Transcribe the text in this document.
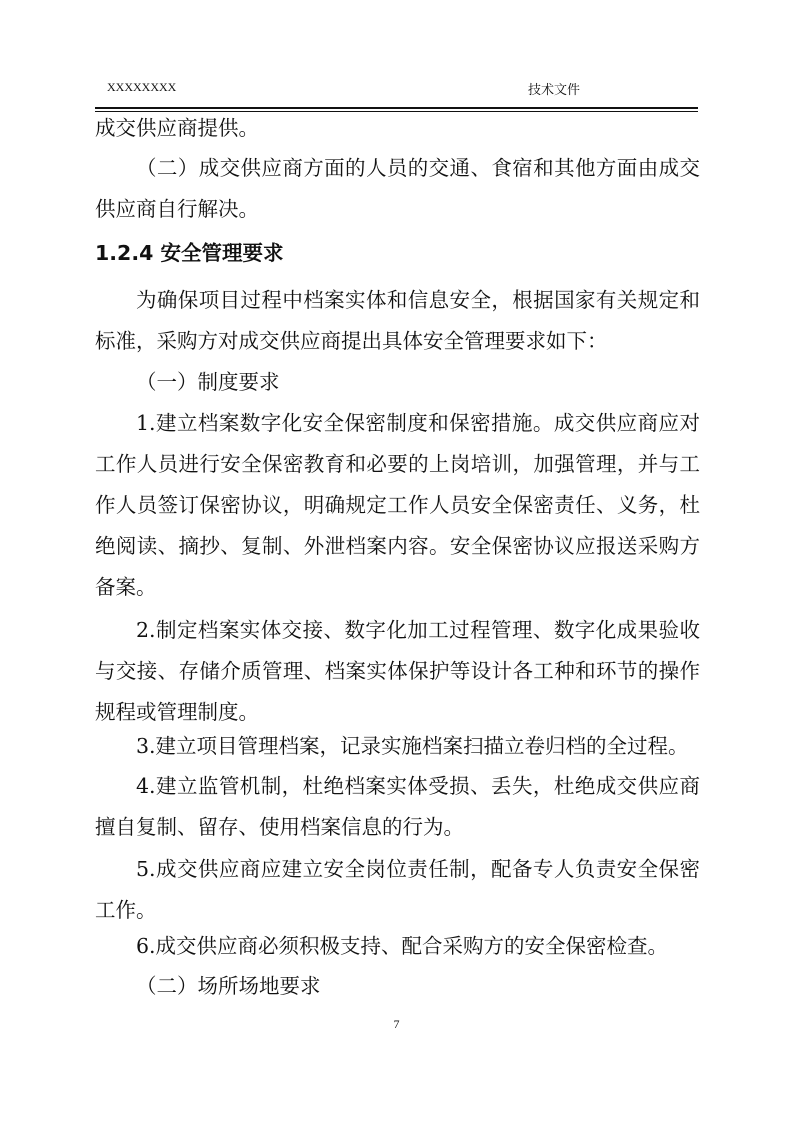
XXXXXXXX	技术文件
成交供应商提供。
（二）成交供应商方面的人员的交通、食宿和其他方面由成交
供应商自行解决。
1.2.4 安全管理要求
为确保项目过程中档案实体和信息安全，根据国家有关规定和
标准，采购方对成交供应商提出具体安全管理要求如下：
（一）制度要求
1.建立档案数字化安全保密制度和保密措施。成交供应商应对
工作人员进行安全保密教育和必要的上岗培训，加强管理，并与工
作人员签订保密协议，明确规定工作人员安全保密责任、义务，杜
绝阅读、摘抄、复制、外泄档案内容。安全保密协议应报送采购方
备案。
2.制定档案实体交接、数字化加工过程管理、数字化成果验收
与交接、存储介质管理、档案实体保护等设计各工种和环节的操作
规程或管理制度。
3.建立项目管理档案，记录实施档案扫描立卷归档的全过程。
4.建立监管机制，杜绝档案实体受损、丢失，杜绝成交供应商
擅自复制、留存、使用档案信息的行为。
5.成交供应商应建立安全岗位责任制，配备专人负责安全保密
工作。
6.成交供应商必须积极支持、配合采购方的安全保密检查。
（二）场所场地要求
7
